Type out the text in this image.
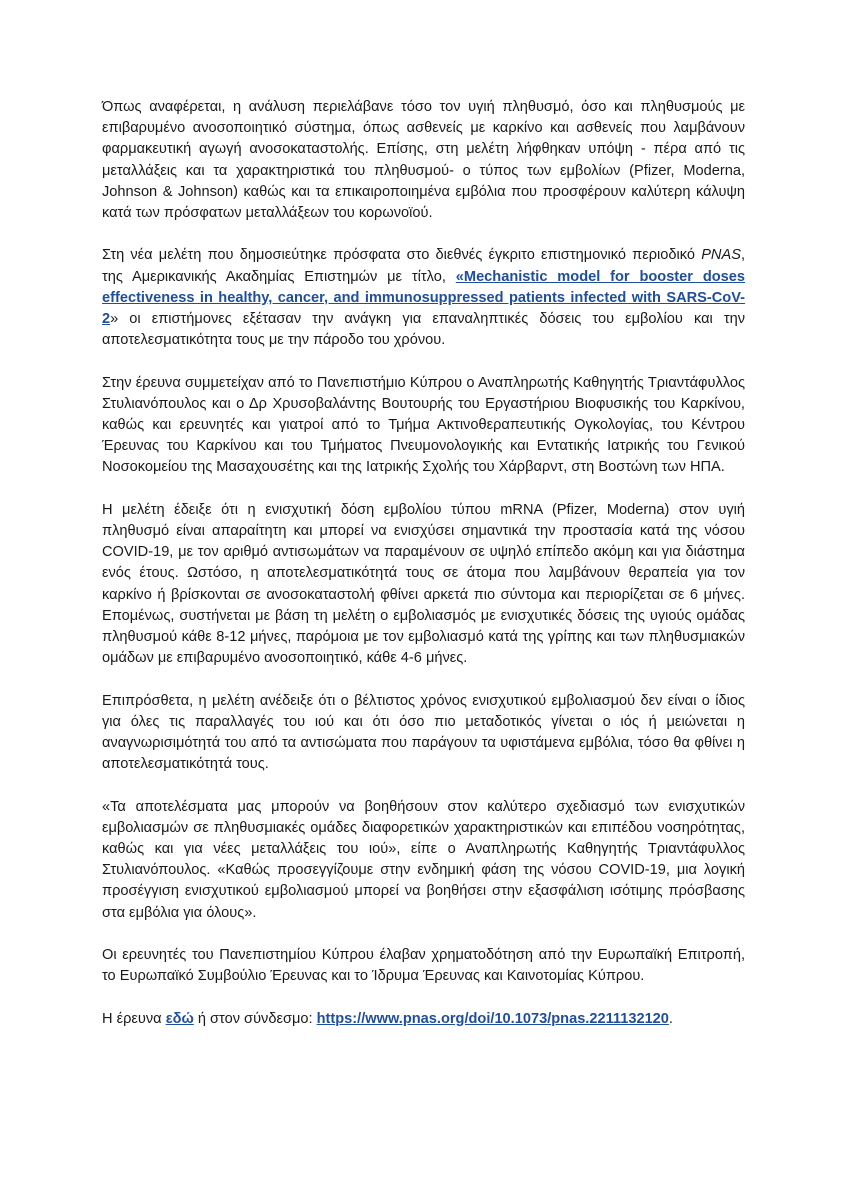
Όπως αναφέρεται, η ανάλυση περιελάβανε τόσο τον υγιή πληθυσμό, όσο και πληθυσμούς με επιβαρυμένο ανοσοποιητικό σύστημα, όπως ασθενείς με καρκίνο και ασθενείς που λαμβάνουν φαρμακευτική αγωγή ανοσοκαταστολής. Επίσης, στη μελέτη λήφθηκαν υπόψη - πέρα από τις μεταλλάξεις και τα χαρακτηριστικά του πληθυσμού- ο τύπος των εμβολίων (Pfizer, Moderna, Johnson & Johnson) καθώς και τα επικαιροποιημένα εμβόλια που προσφέρουν καλύτερη κάλυψη κατά των πρόσφατων μεταλλάξεων του κορωνοϊού.

Στη νέα μελέτη που δημοσιεύτηκε πρόσφατα στο διεθνές έγκριτο επιστημονικό περιοδικό PNAS, της Αμερικανικής Ακαδημίας Επιστημών με τίτλο, «Mechanistic model for booster doses effectiveness in healthy, cancer, and immunosuppressed patients infected with SARS-CoV-2» οι επιστήμονες εξέτασαν την ανάγκη για επαναληπτικές δόσεις του εμβολίου και την αποτελεσματικότητα τους με την πάροδο του χρόνου.

Στην έρευνα συμμετείχαν από το Πανεπιστήμιο Κύπρου ο Αναπληρωτής Καθηγητής Τριαντάφυλλος Στυλιανόπουλος και ο Δρ Χρυσοβαλάντης Βουτουρής του Εργαστήριου Βιοφυσικής του Καρκίνου, καθώς και ερευνητές και γιατροί από το Τμήμα Ακτινοθεραπευτικής Ογκολογίας, του Κέντρου Έρευνας του Καρκίνου και του Τμήματος Πνευμονολογικής και Εντατικής Ιατρικής του Γενικού Νοσοκομείου της Μασαχουσέτης και της Ιατρικής Σχολής του Χάρβαρντ, στη Βοστώνη των ΗΠΑ.

Η μελέτη έδειξε ότι η ενισχυτική δόση εμβολίου τύπου mRNA (Pfizer, Moderna) στον υγιή πληθυσμό είναι απαραίτητη και μπορεί να ενισχύσει σημαντικά την προστασία κατά της νόσου COVID-19, με τον αριθμό αντισωμάτων να παραμένουν σε υψηλό επίπεδο ακόμη και για διάστημα ενός έτους. Ωστόσο, η αποτελεσματικότητά τους σε άτομα που λαμβάνουν θεραπεία για τον καρκίνο ή βρίσκονται σε ανοσοκαταστολή φθίνει αρκετά πιο σύντομα και περιορίζεται σε 6 μήνες. Επομένως, συστήνεται με βάση τη μελέτη ο εμβολιασμός με ενισχυτικές δόσεις της υγιούς ομάδας πληθυσμού κάθε 8-12 μήνες, παρόμοια με τον εμβολιασμό κατά της γρίπης και των πληθυσμιακών ομάδων με επιβαρυμένο ανοσοποιητικό, κάθε 4-6 μήνες.

Επιπρόσθετα, η μελέτη ανέδειξε ότι ο βέλτιστος χρόνος ενισχυτικού εμβολιασμού δεν είναι ο ίδιος για όλες τις παραλλαγές του ιού και ότι όσο πιο μεταδοτικός γίνεται ο ιός ή μειώνεται η αναγνωρισιμότητά του από τα αντισώματα που παράγουν τα υφιστάμενα εμβόλια, τόσο θα φθίνει η αποτελεσματικότητά τους.

«Τα αποτελέσματα μας μπορούν να βοηθήσουν στον καλύτερο σχεδιασμό των ενισχυτικών εμβολιασμών σε πληθυσμιακές ομάδες διαφορετικών χαρακτηριστικών και επιπέδου νοσηρότητας, καθώς και για νέες μεταλλάξεις του ιού», είπε ο Αναπληρωτής Καθηγητής Τριαντάφυλλος Στυλιανόπουλος. «Καθώς προσεγγίζουμε στην ενδημική φάση της νόσου COVID-19, μια λογική προσέγγιση ενισχυτικού εμβολιασμού μπορεί να βοηθήσει στην εξασφάλιση ισότιμης πρόσβασης στα εμβόλια για όλους».

Οι ερευνητές του Πανεπιστημίου Κύπρου έλαβαν χρηματοδότηση από την Ευρωπαϊκή Επιτροπή, το Ευρωπαϊκό Συμβούλιο Έρευνας και το Ίδρυμα Έρευνας και Καινοτομίας Κύπρου.

Η έρευνα εδώ ή στον σύνδεσμο: https://www.pnas.org/doi/10.1073/pnas.2211132120.
